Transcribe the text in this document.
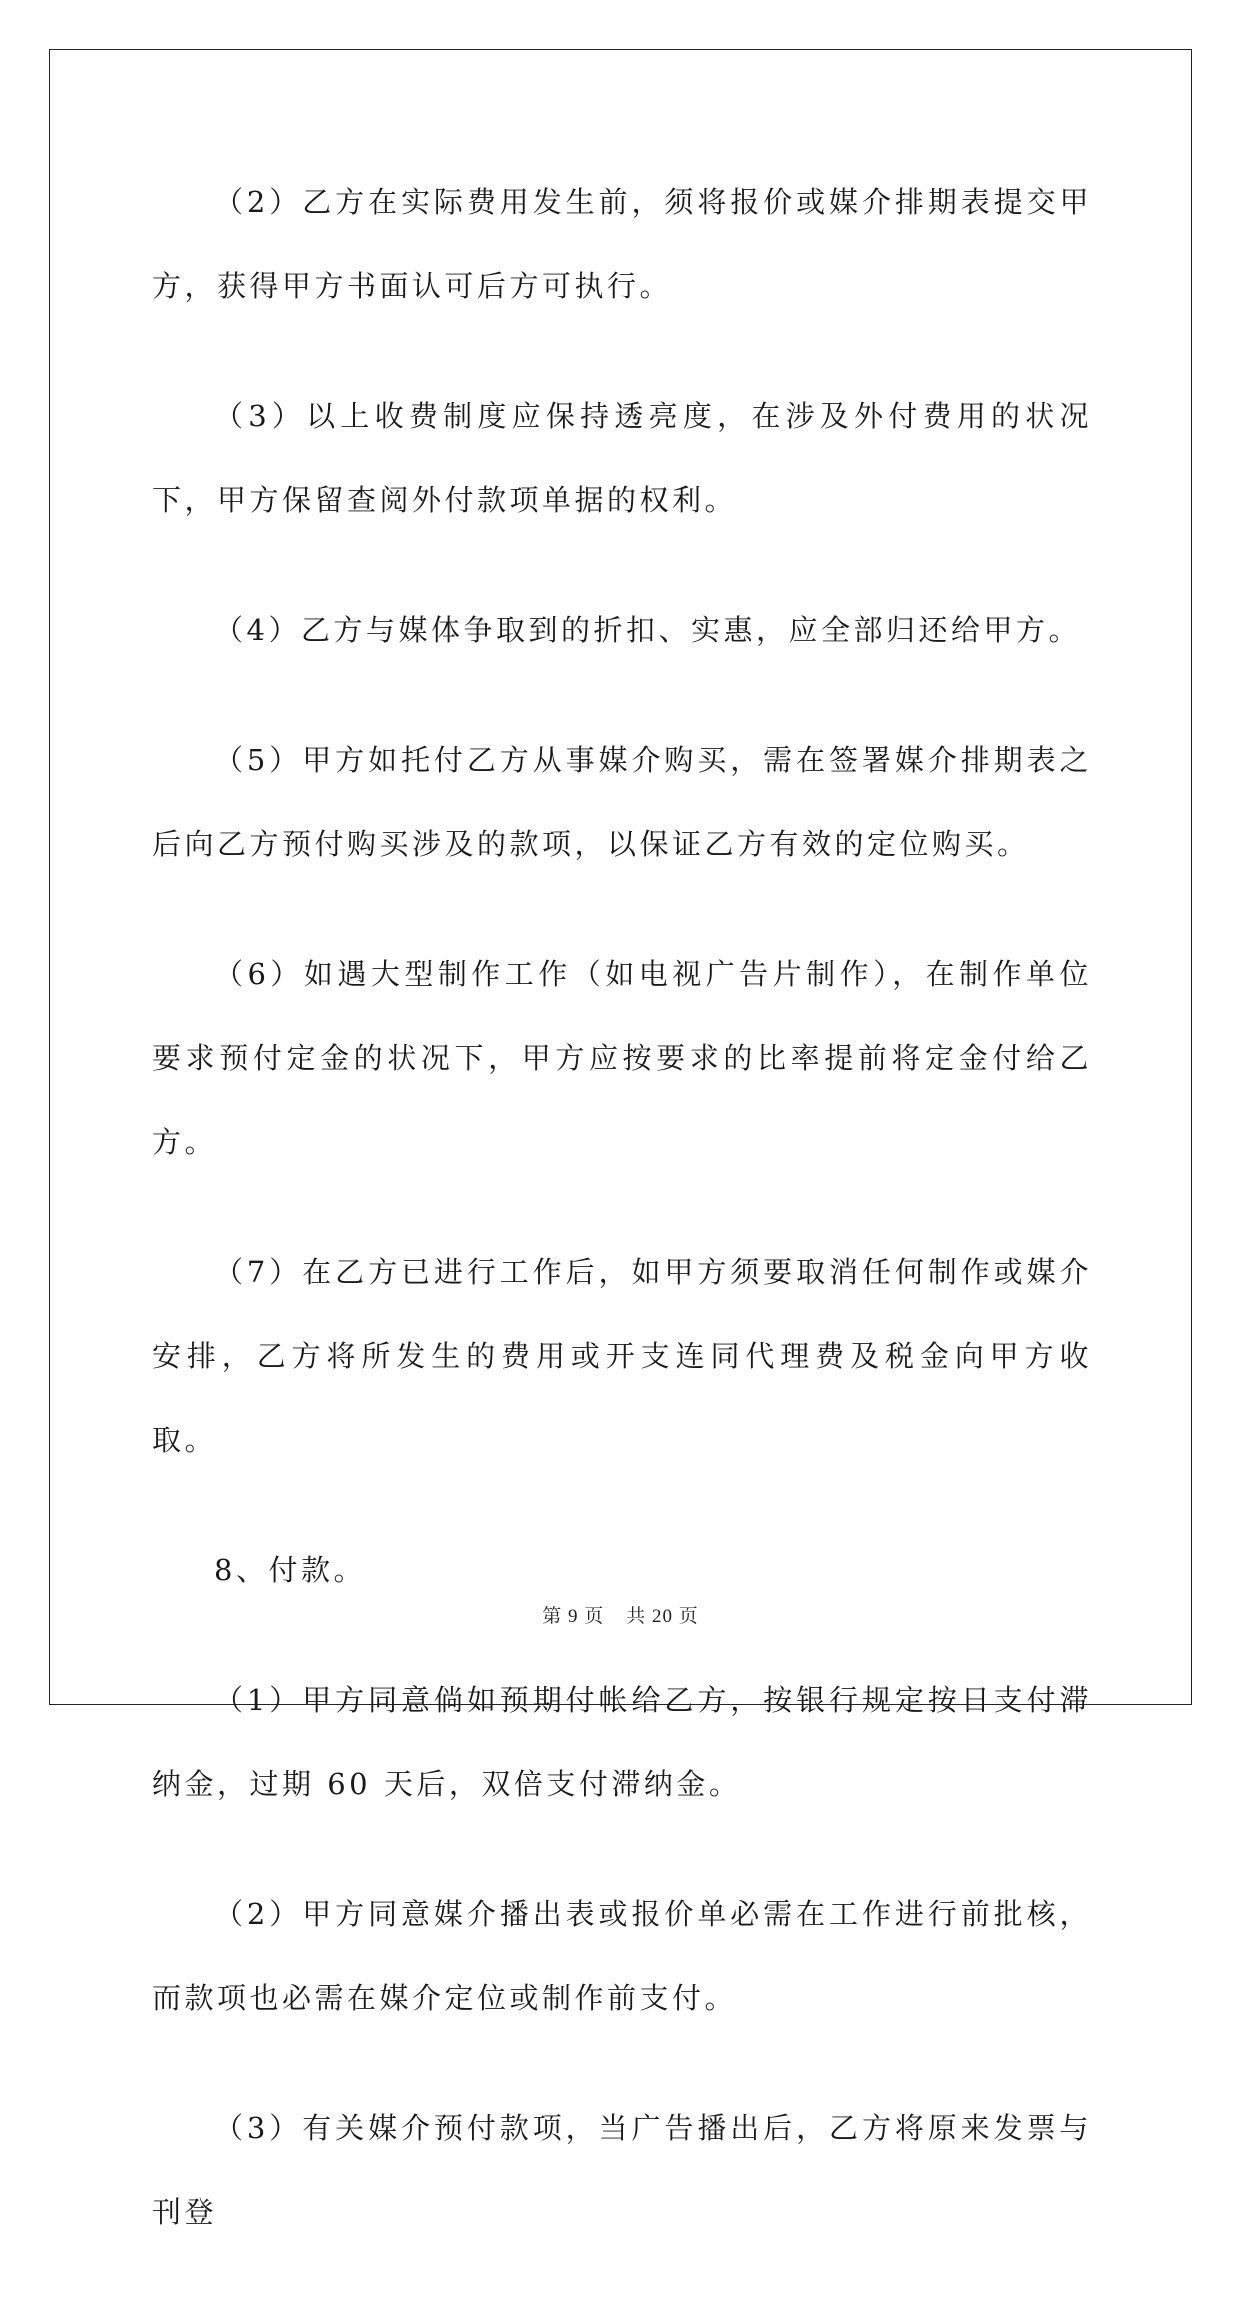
（2）乙方在实际费用发生前，须将报价或媒介排期表提交甲方，获得甲方书面认可后方可执行。

（3）以上收费制度应保持透亮度，在涉及外付费用的状况下，甲方保留查阅外付款项单据的权利。

（4）乙方与媒体争取到的折扣、实惠，应全部归还给甲方。

（5）甲方如托付乙方从事媒介购买，需在签署媒介排期表之后向乙方预付购买涉及的款项，以保证乙方有效的定位购买。

（6）如遇大型制作工作（如电视广告片制作），在制作单位要求预付定金的状况下，甲方应按要求的比率提前将定金付给乙方。

（7）在乙方已进行工作后，如甲方须要取消任何制作或媒介安排，乙方将所发生的费用或开支连同代理费及税金向甲方收取。

8、付款。

（1）甲方同意倘如预期付帐给乙方，按银行规定按日支付滞纳金，过期 60 天后，双倍支付滞纳金。

（2）甲方同意媒介播出表或报价单必需在工作进行前批核，而款项也必需在媒介定位或制作前支付。

（3）有关媒介预付款项，当广告播出后，乙方将原来发票与刊登

第 9 页 共 20 页
